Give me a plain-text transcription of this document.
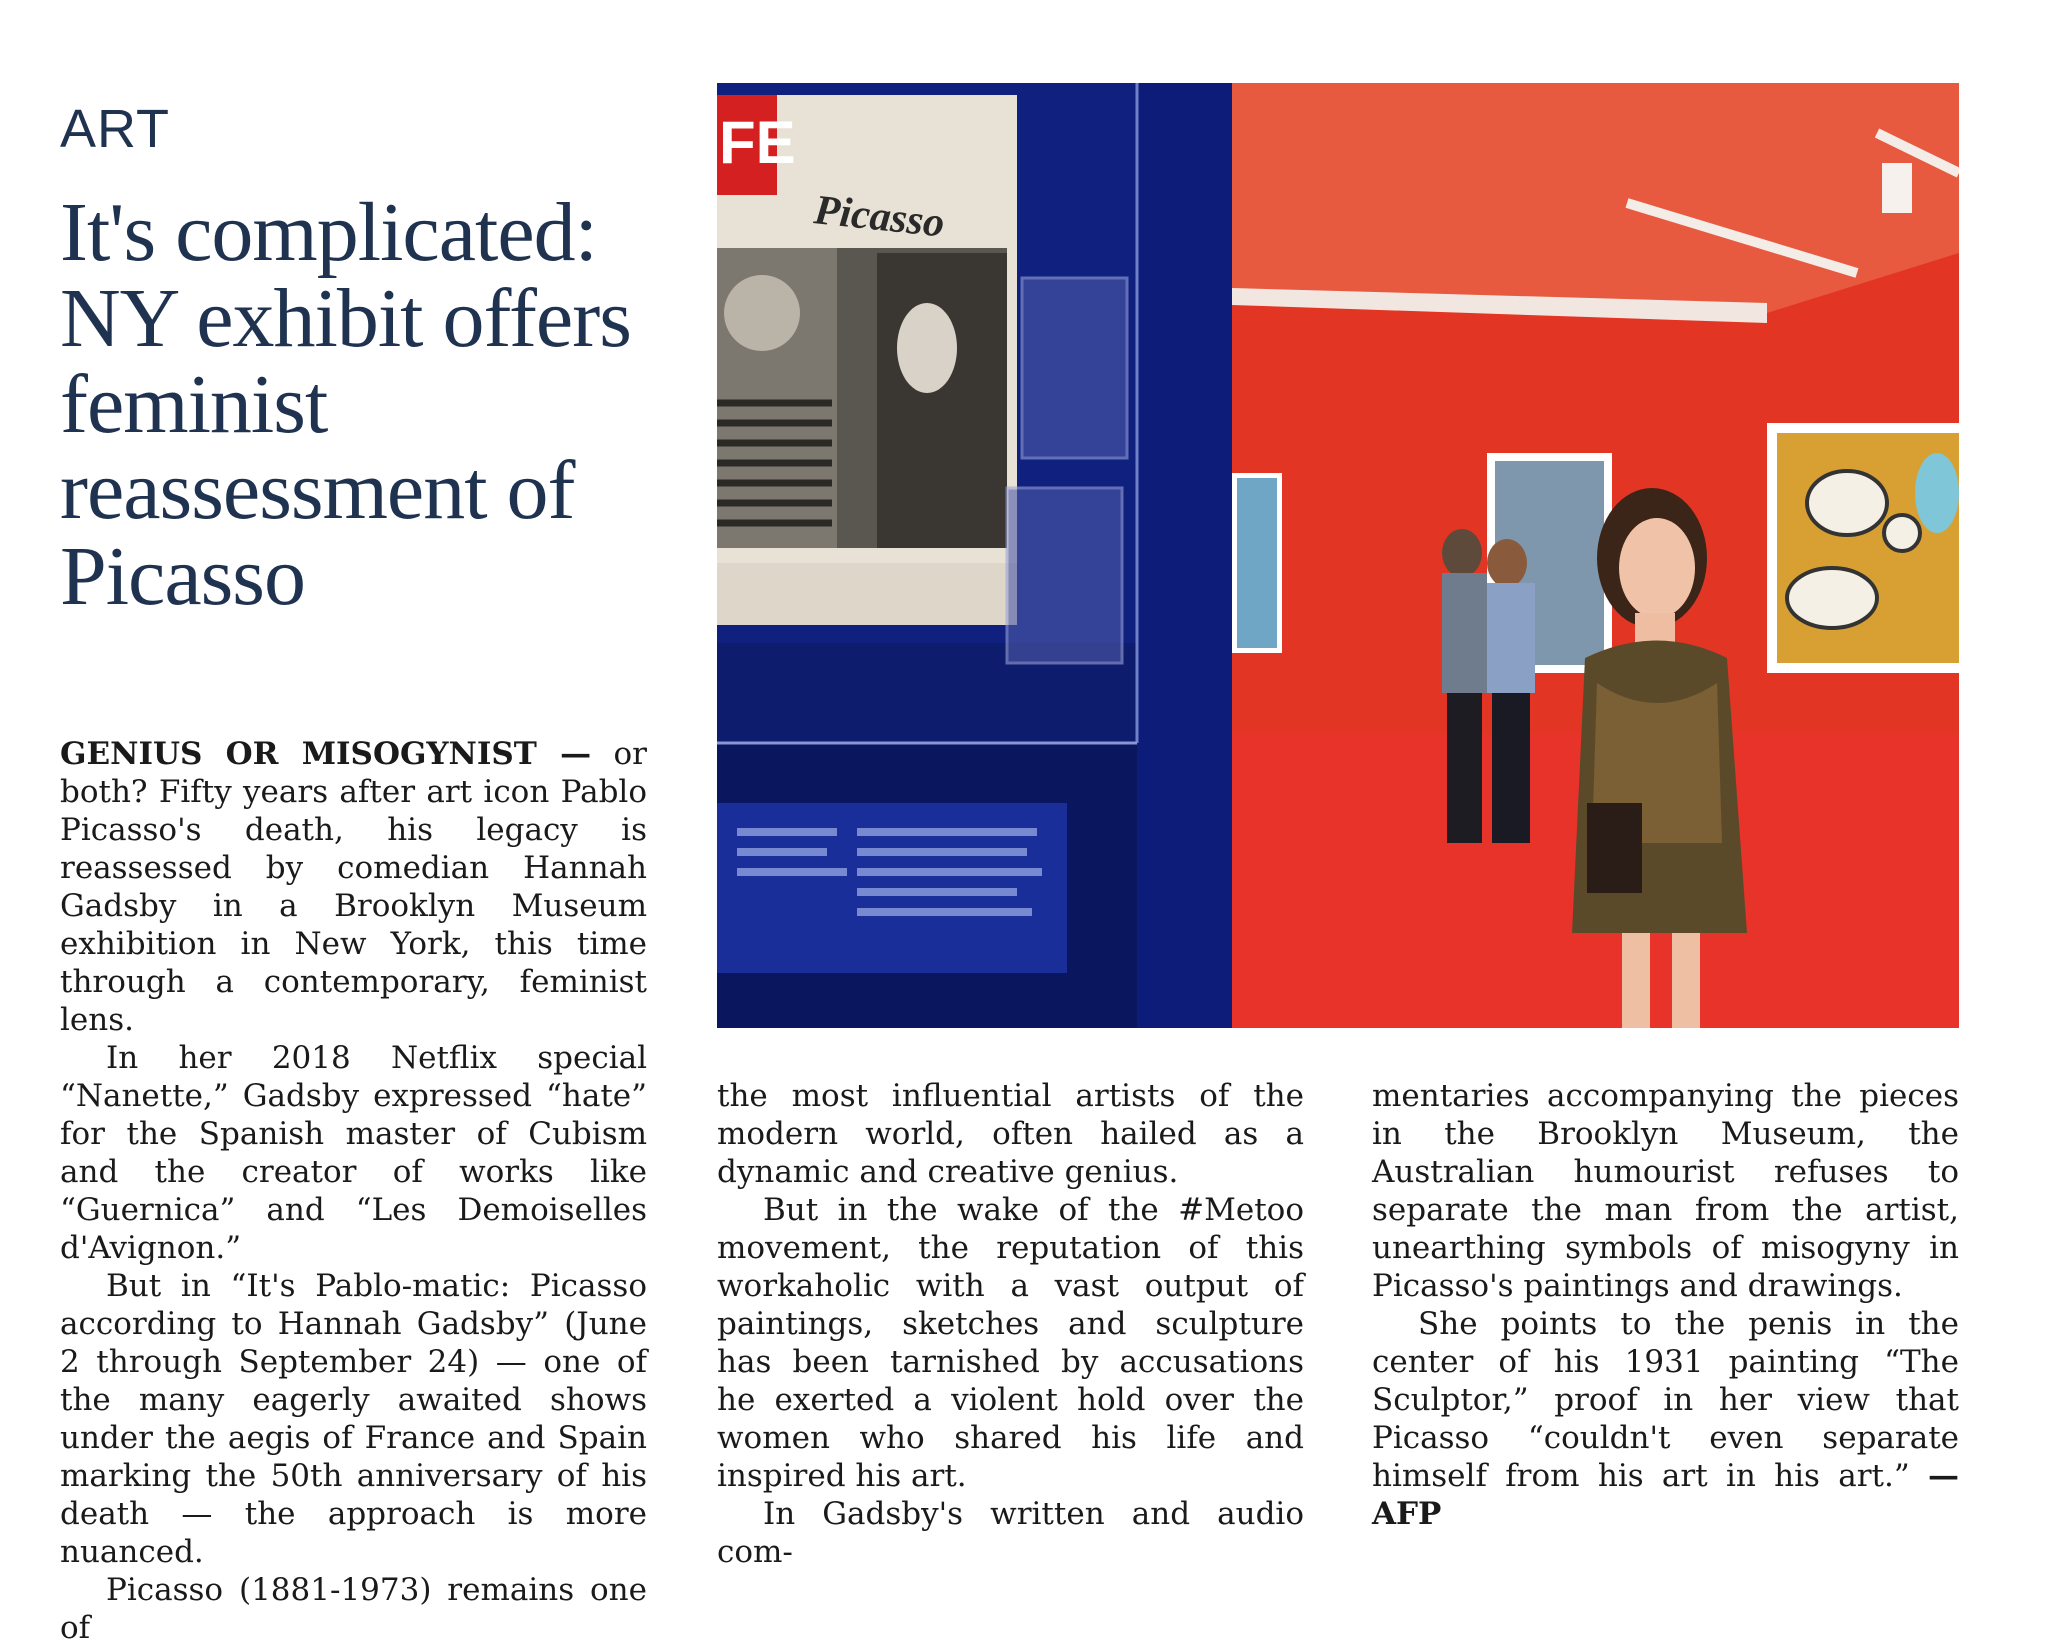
ART
It's complicated: NY exhibit offers feminist reassessment of Picasso
FE
Picasso

GENIUS OR MISOGYNIST — or both? Fifty years after art icon Pablo Picasso's death, his legacy is reassessed by comedian Hannah Gadsby in a Brooklyn Museum exhibition in New York, this time through a contemporary, feminist lens.

In her 2018 Netflix special “Nanette,” Gadsby expressed “hate” for the Spanish master of Cubism and the creator of works like “Guernica” and “Les Demoiselles d'Avignon.”

But in “It's Pablo-matic: Picasso according to Hannah Gadsby” (June 2 through September 24) — one of the many eagerly awaited shows under the aegis of France and Spain marking the 50th anniversary of his death — the approach is more nuanced.

Picasso (1881-1973) remains one of

the most influential artists of the modern world, often hailed as a dynamic and creative genius.

But in the wake of the #Metoo movement, the reputation of this workaholic with a vast output of paintings, sketches and sculpture has been tarnished by accusations he exerted a violent hold over the women who shared his life and inspired his art.

In Gadsby's written and audio com-

mentaries accompanying the pieces in the Brooklyn Museum, the Australian humourist refuses to separate the man from the artist, unearthing symbols of misogyny in Picasso's paintings and drawings.

She points to the penis in the center of his 1931 painting “The Sculptor,” proof in her view that Picasso “couldn't even separate himself from his art in his art.” — AFP
